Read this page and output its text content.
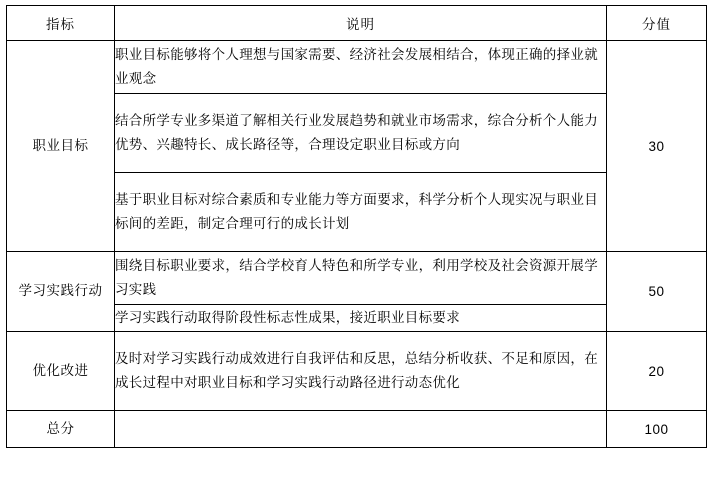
指标	说明	分值
职业目标	职业目标能够将个人理想与国家需要、经济社会发展相结合，体现正确的择业就业观念	30
	结合所学专业多渠道了解相关行业发展趋势和就业市场需求，综合分析个人能力优势、兴趣特长、成长路径等，合理设定职业目标或方向	
	基于职业目标对综合素质和专业能力等方面要求，科学分析个人现实况与职业目标间的差距，制定合理可行的成长计划	
学习实践行动	围绕目标职业要求，结合学校育人特色和所学专业，利用学校及社会资源开展学习实践	50
	学习实践行动取得阶段性标志性成果，接近职业目标要求	
优化改进	及时对学习实践行动成效进行自我评估和反思，总结分析收获、不足和原因，在成长过程中对职业目标和学习实践行动路径进行动态优化	20
总分		100
